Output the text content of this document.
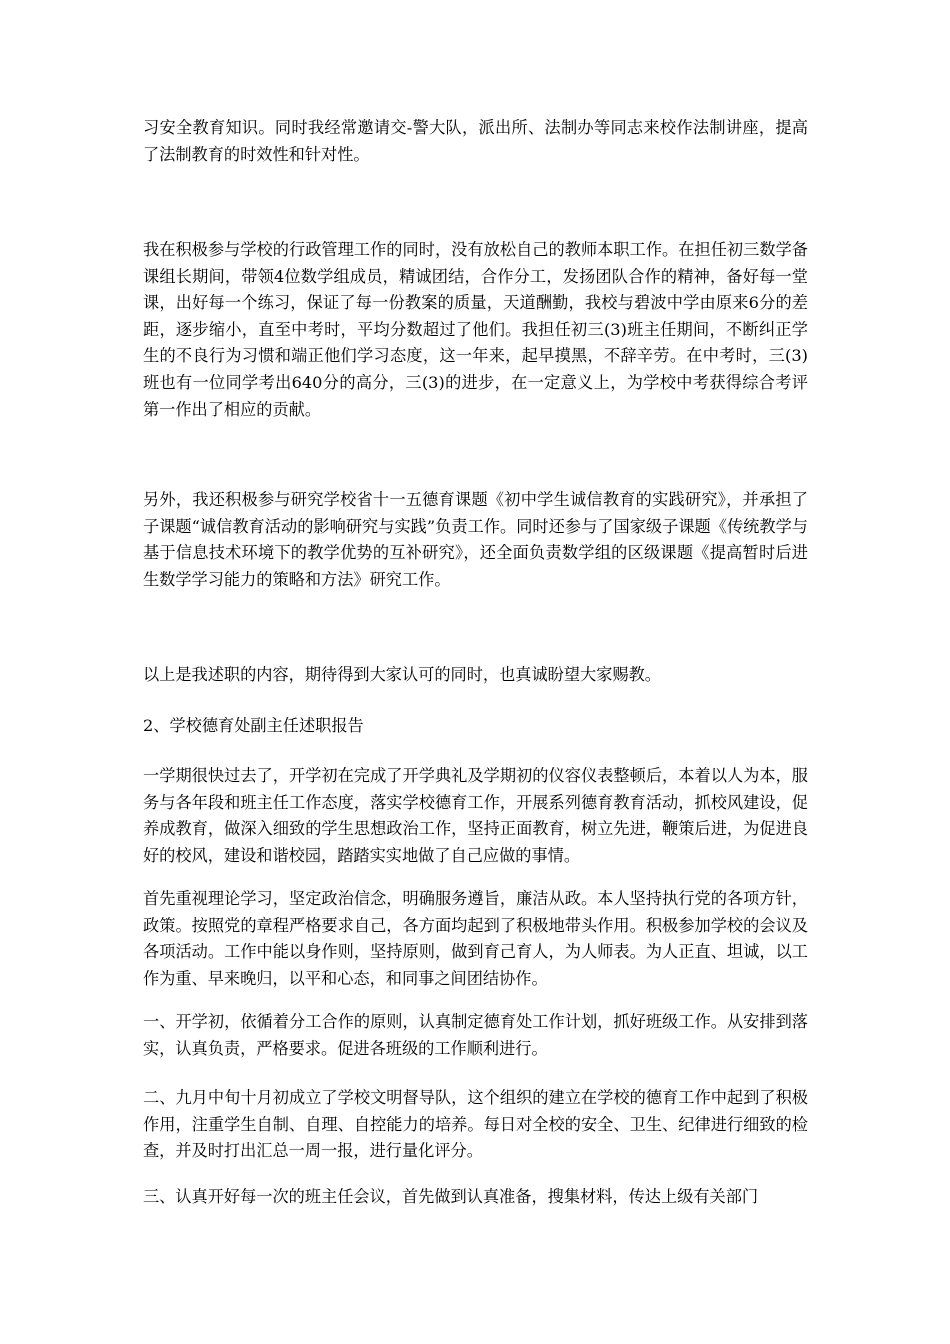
习安全教育知识。同时我经常邀请交-警大队，派出所、法制办等同志来校作法制讲座，提高了法制教育的时效性和针对性。

我在积极参与学校的行政管理工作的同时，没有放松自己的教师本职工作。在担任初三数学备课组长期间，带领4位数学组成员，精诚团结，合作分工，发扬团队合作的精神，备好每一堂课，出好每一个练习，保证了每一份教案的质量，天道酬勤，我校与碧波中学由原来6分的差距，逐步缩小，直至中考时，平均分数超过了他们。我担任初三(3)班主任期间，不断纠正学生的不良行为习惯和端正他们学习态度，这一年来，起早摸黑，不辞辛劳。在中考时，三(3)班也有一位同学考出640分的高分，三(3)的进步，在一定意义上，为学校中考获得综合考评第一作出了相应的贡献。

另外，我还积极参与研究学校省十一五德育课题《初中学生诚信教育的实践研究》，并承担了子课题“诚信教育活动的影响研究与实践”负责工作。同时还参与了国家级子课题《传统教学与基于信息技术环境下的教学优势的互补研究》，还全面负责数学组的区级课题《提高暂时后进生数学学习能力的策略和方法》研究工作。

以上是我述职的内容，期待得到大家认可的同时，也真诚盼望大家赐教。

2、学校德育处副主任述职报告

一学期很快过去了，开学初在完成了开学典礼及学期初的仪容仪表整顿后，本着以人为本，服务与各年段和班主任工作态度，落实学校德育工作，开展系列德育教育活动，抓校风建设，促养成教育，做深入细致的学生思想政治工作，坚持正面教育，树立先进，鞭策后进，为促进良好的校风，建设和谐校园，踏踏实实地做了自己应做的事情。

首先重视理论学习，坚定政治信念，明确服务遵旨，廉洁从政。本人坚持执行党的各项方针，政策。按照党的章程严格要求自己，各方面均起到了积极地带头作用。积极参加学校的会议及各项活动。工作中能以身作则，坚持原则，做到育己育人，为人师表。为人正直、坦诚，以工作为重、早来晚归，以平和心态，和同事之间团结协作。

一、开学初，依循着分工合作的原则，认真制定德育处工作计划，抓好班级工作。从安排到落实，认真负责，严格要求。促进各班级的工作顺利进行。

二、九月中旬十月初成立了学校文明督导队，这个组织的建立在学校的德育工作中起到了积极作用，注重学生自制、自理、自控能力的培养。每日对全校的安全、卫生、纪律进行细致的检查，并及时打出汇总一周一报，进行量化评分。

三、认真开好每一次的班主任会议，首先做到认真准备，搜集材料，传达上级有关部门
